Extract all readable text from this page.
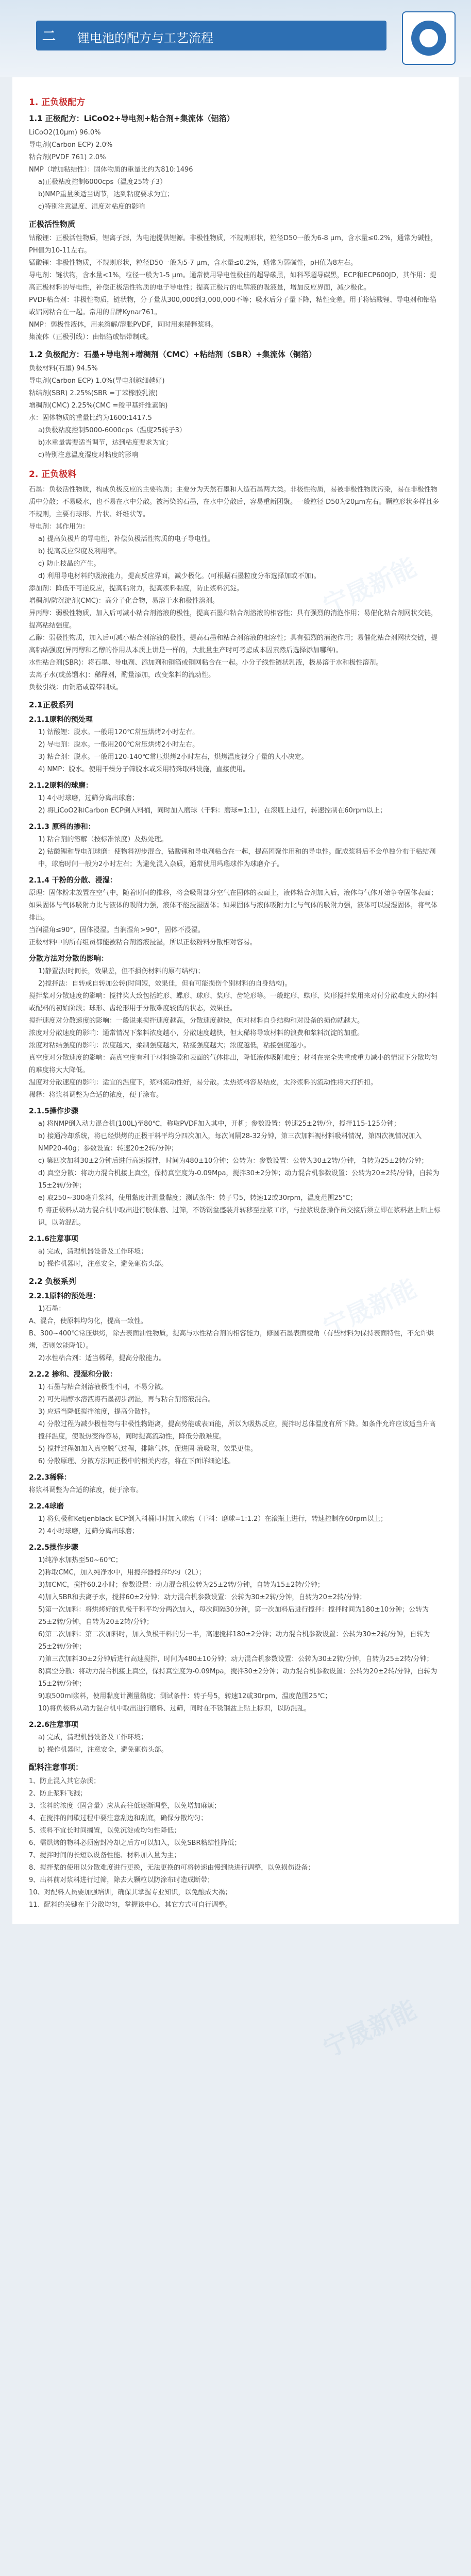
二 锂电池的配方与工艺流程
1. 正负极配方
1.1 正极配方：LiCoO2+导电剂+粘合剂+集流体（铝箔）

LiCoO2(10μm) 96.0%

导电剂(Carbon ECP) 2.0%

粘合剂(PVDF 761) 2.0%

NMP（增加粘结性）：固体物质的重量比约为810:1496

a)正极粘度控制6000cps（温度25转子3）

b)NMP重量须适当调节，达到粘度要求为宜；

c)特别注意温度、湿度对粘度的影响

正极活性物质

钴酸锂：正极活性物质，锂离子源，为电池提供锂源。非极性物质，不规则形状，粒径D50一般为6-8 μm，含水量≤0.2%，通常为碱性，PH值为10-11左右。

锰酸锂：非极性物质，不规则形状，粒径D50一般为5-7 μm，含水量≤0.2%，通常为弱碱性，pH值为8左右。

导电剂：链状物，含水量<1%，粒径一般为1-5 μm。通常使用导电性极佳的超导碳黑，如科琴超导碳黑，ECP和ECP600JD，其作用：提高正极材料的导电性，补偿正极活性物质的电子导电性；提高正极片的电解液的吸液量，增加反应界面，减少极化。

PVDF粘合剂：非极性物质，链状物，分子量从300,000到3,000,000不等；吸水后分子量下降，粘性变差。用于将钴酸锂、导电剂和铝箔或铝网粘合在一起。常用的品牌Kynar761。

NMP：弱极性液体，用来溶解/溶胀PVDF，同时用来稀释浆料。

集流体（正极引线）：由铝箔或铝带制成。

1.2 负极配方：石墨+导电剂+增稠剂（CMC）+粘结剂（SBR）+集流体（铜箔）

负极材料(石墨) 94.5%

导电剂(Carbon ECP) 1.0%(导电剂越细越好)

粘结剂(SBR) 2.25%(SBR =丁苯橡胶乳液)

增稠剂(CMC) 2.25%(CMC =羧甲基纤维素钠)

水：固体物质的重量比约为1600:1417.5

a)负极粘度控制5000-6000cps（温度25转子3）

b)水重量需要适当调节，达到粘度要求为宜；

c)特别注意温度湿度对粘度的影响

2. 正负极料

石墨：负极活性物质，构成负极反应的主要物质；主要分为天然石墨和人造石墨两大类。非极性物质，易被非极性物质污染，易在非极性物质中分散；不易吸水，也不易在水中分散。被污染的石墨，在水中分散后，容易重新团聚。一般粒径 D50为20μm左右。颗粒形状多样且多不规则，主要有球形、片状、纤维状等。

导电剂：其作用为：

a) 提高负极片的导电性，补偿负极活性物质的电子导电性。

b) 提高反应深度及利用率。

c) 防止枝晶的产生。

d) 利用导电材料的吸液能力，提高反应界面，减少极化。(可根据石墨粒度分布选择加或不加)。

添加剂：降低不可逆反应，提高粘附力，提高浆料黏度，防止浆料沉淀。

增稠剂/防沉淀剂(CMC)：高分子化合物，易溶于水和极性溶剂。

异丙醇：弱极性物质，加入后可减小粘合剂溶液的极性，提高石墨和粘合剂溶液的相容性；具有强烈的消泡作用；易催化粘合剂网状交链，提高粘结强度。

乙醇：弱极性物质，加入后可减小粘合剂溶液的极性，提高石墨和粘合剂溶液的相容性；具有强烈的消泡作用；易催化粘合剂网状交链，提高粘结强度(异丙醇和乙醇的作用从本质上讲是一样的，大批量生产时可考虑成本因素然后选择添加哪种)。

水性粘合剂(SBR)：将石墨、导电剂、添加剂和铜箔或铜网粘合在一起。小分子线性链状乳液，极易溶于水和极性溶剂。

去离子水(或蒸馏水)：稀释剂，酌量添加，改变浆料的流动性。

负极引线：由铜箔或镍带制成。

2.1正极系列
2.1.1原料的预处理

1) 钴酸锂：脱水。一般用120℃常压烘烤2小时左右。

2) 导电剂：脱水。一般用200℃常压烘烤2小时左右。

3) 粘合剂：脱水。一般用120-140℃常压烘烤2小时左右，烘烤温度视分子量的大小决定。

4) NMP：脱水。使用干燥分子筛脱水或采用特殊取料设施，直接使用。

2.1.2原料的球磨：

1) 4小时球磨，过筛分离出球磨；

2) 将LiCoO2和Carbon ECP倒入料桶，同时加入磨球（干料：磨球=1:1），在滚瓶上进行，转速控制在60rpm以上；

2.1.3 原料的掺和：

1) 粘合剂的溶解（按标准浓度）及热处理。

2) 钴酸锂和导电剂球磨：使物料初步混合，钴酸锂和导电剂粘合在一起，提高团聚作用和的导电性。配成浆料后不会单独分布于粘结剂中，球磨时间一般为2小时左右；为避免混入杂质，通常使用玛瑙球作为球磨介子。

2.1.4 干粉的分散、浸湿：

原理：固体粉末放置在空气中，随着时间的推移，将会吸附部分空气在固体的表面上，液体粘合剂加入后，液体与气体开始争夺固体表面；如果固体与气体吸附力比与液体的吸附力强，液体不能浸湿固体；如果固体与液体吸附力比与气体的吸附力强，液体可以浸湿固体，将气体排出。

当润湿角≤90°，固体浸湿。当润湿角>90°，固体不浸湿。

正极材料中的所有组员都能被粘合剂溶液浸湿，所以正极粉料分散相对容易。

分散方法对分散的影响：

1)静置法(时间长，效果差，但不损伤材料的原有结构)；

2)搅拌法：自转或自转加公转(时间短，效果佳，但有可能损伤个别材料的自身结构)。

搅拌桨对分散速度的影响：搅拌桨大致包括蛇形、蝶形、球形、桨形、齿轮形等。一般蛇形、蝶形、桨形搅拌桨用来对付分散难度大的材料或配料的初始阶段；球形、齿轮形用于分散难度较低的状态，效果佳。

搅拌速度对分散速度的影响：一般说来搅拌速度越高，分散速度越快，但对材料自身结构和对设备的损伤就越大。

浓度对分散速度的影响：通常情况下浆料浓度越小，分散速度越快，但太稀将导致材料的浪费和浆料沉淀的加重。

浓度对粘结强度的影响：浓度越大，柔制强度越大，粘接强度越大；浓度越低，粘接强度越小。

真空度对分散速度的影响：高真空度有利于材料缝隙和表面的气体排出，降低液体吸附难度；材料在完全失重或重力减小的情况下分散均匀的难度将大大降低。

温度对分散速度的影响：适宜的温度下，浆料流动性好，易分散。太热浆料容易结皮，太冷浆料的流动性将大打折扣。

稀释：将浆料调整为合适的浓度，便于涂布。

2.1.5操作步骤

a) 将NMP倒入动力混合机(100L)至80℃，称取PVDF加入其中，开机；参数设置：转速25±2转/分，搅拌115-125分钟；

b) 接通冷却系统，将已经烘烤的正极干料平均分四次加入，每次间隔28-32分钟，第三次加料视材料吸料情况，第四次视情况加入NMP20-40g；参数设置：转速20±2转/分钟；

c) 第四次加料30±2分钟后进行高速搅拌，时间为480±10分钟；公转为：参数设置：公转为30±2转/分钟，自转为25±2转/分钟；

d) 真空分散：将动力混合机接上真空，保持真空度为-0.09Mpa，搅拌30±2分钟；动力混合机参数设置：公转为20±2转/分钟，自转为15±2转/分钟；

e) 取250~300毫升浆料，使用黏度计测量黏度；测试条件：转子号5，转速12或30rpm，温度范围25℃；

f) 将正极料从动力混合机中取出进行胶体磨、过筛，不锈钢盆盛装并转移至拉浆工序，与拉浆设备操作员交接后须立即在浆料盆上贴上标识，以防混乱。

2.1.6注意事项

a) 完成，清理机器设备及工作环境；

b) 操作机器时，注意安全，避免砸伤头部。

2.2 负极系列
2.2.1原料的预处理：

1)石墨：

A、混合，使原料均匀化，提高一致性。

B、300~400℃常压烘烤，除去表面油性物质，提高与水性粘合剂的相容能力，修圆石墨表面棱角（有些材料为保持表面特性，不允许烘烤，否则效能降低）。

2)水性粘合剂：适当稀释，提高分散能力。

2.2.2 掺和、浸湿和分散：

1) 石墨与粘合剂溶液极性不同，不易分散。

2) 可先用醇水溶液将石墨初步润湿，再与粘合剂溶液混合。

3) 应适当降低搅拌浓度，提高分散性。

4) 分散过程为减少极性物与非极性物距离，提高势能或表面能，所以为吸热反应，搅拌时总体温度有所下降。如条件允许应该适当升高搅拌温度，使吸热变得容易，同时提高流动性，降低分散难度。

5) 搅拌过程如加入真空脱气过程，排除气体，促进固-液吸附，效果更佳。

6) 分散原理、分散方法同正极中的相关内容，将在下面详细论述。

2.2.3稀释：

将浆料调整为合适的浓度，便于涂布。

2.2.4球磨

1) 将负极和Ketjenblack ECP倒入料桶同时加入球磨（干料：磨球=1:1.2）在滚瓶上进行，转速控制在60rpm以上；

2) 4小时球磨，过筛分离出球磨；

2.2.5操作步骤

1)纯净水加热至50~60℃；

2)称取CMC，加入纯净水中，用搅拌器搅拌均匀（2L）；

3)加CMC，搅拌60.2小时；参数设置：动力混合机公转为25±2转/分钟，自转为15±2转/分钟；

4)加入SBR和去离子水，搅拌60±2分钟；动力混合机参数设置：公转为30±2转/分钟，自转为20±2转/分钟；

5)第一次加料：将烘烤好的负极干料平均分两次加入，每次间隔30分钟，第一次加料后进行搅拌：搅拌时间为180±10分钟；公转为25±2转/分钟，自转为20±2转/分钟；

6)第二次加料：第二次加料时，加入负极干料的另一半，高速搅拌180±2分钟；动力混合机参数设置：公转为30±2转/分钟，自转为25±2转/分钟；

7)第三次加料30±2分钟后进行高速搅拌，时间为480±10分钟；动力混合机参数设置：公转为30±2转/分钟，自转为25±2转/分钟；

8)真空分散：将动力混合机接上真空，保持真空度为-0.09Mpa，搅拌30±2分钟；动力混合机参数设置：公转为20±2转/分钟，自转为15±2转/分钟；

9)取500ml浆料，使用黏度计测量黏度；测试条件：转子号5，转速12或30rpm，温度范围25℃；

10)将负极料从动力混合机中取出进行磨料、过筛，同时在不锈钢盆上贴上标识，以防混乱。

2.2.6注意事项

a) 完成，清理机器设备及工作环境；

b) 操作机器时，注意安全，避免砸伤头部。

配料注意事项：

1、防止混入其它杂质；

2、防止浆料飞溅；

3、浆料的浓度（固含量）应从高往低逐渐调整，以免增加麻烦；

4、在搅拌的间歇过程中要注意刮边和刮底，确保分散均匀；

5、浆料不宜长时间搁置，以免沉淀或均匀性降低；

6、需烘烤的物料必须密封冷却之后方可以加入，以免SBR粘结性降低；

7、搅拌时间的长短以设备性能、材料加入量为主；

8、搅拌桨的使用以分散难度进行更换，无法更换的可将转速由慢到快进行调整，以免损伤设备；

9、出料前对浆料进行过筛，除去大颗粒以防涂布时造成断带；

10、对配料人员要加强培训，确保其掌握专业知识，以免酿成大祸；

11、配料的关键在于分散均匀，掌握该中心，其它方式可自行调整。

宁晟新能
